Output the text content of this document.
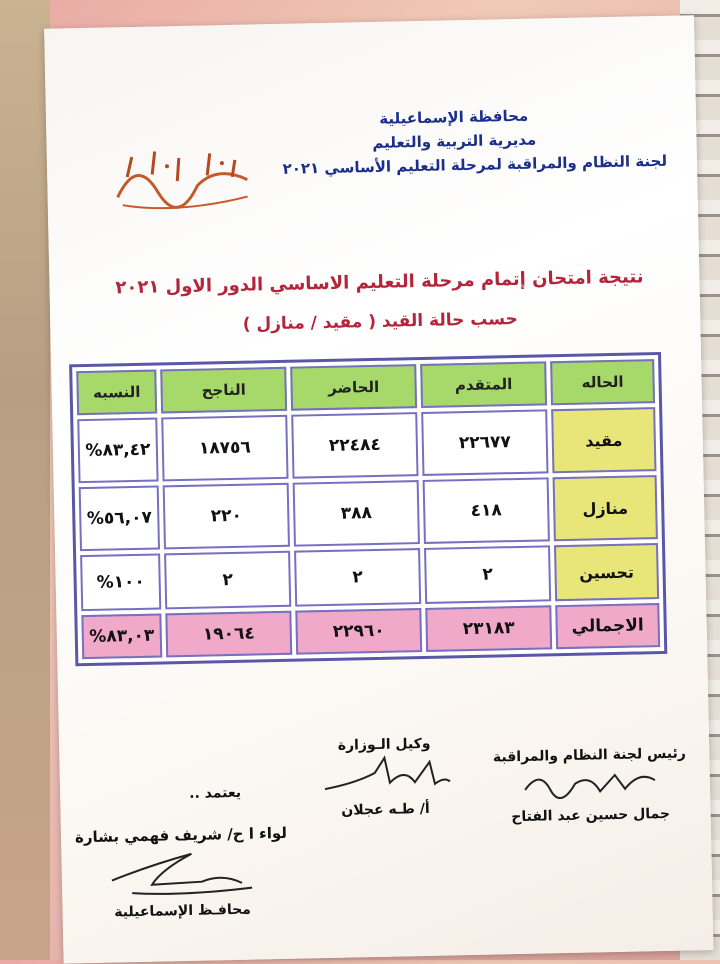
محافظة الإسماعيلية
مديرية التربية والتعليم
لجنة النظام والمراقبة لمرحلة التعليم الأساسي ٢٠٢١
نتيجة امتحان إتمام مرحلة التعليم الاساسي الدور الاول ٢٠٢١
حسب حالة القيد ( مقيد / منازل )
الحاله
المتقدم
الحاضر
الناجح
النسبه
مقيد
٢٢٦٧٧
٢٢٤٨٤
١٨٧٥٦
٨٣,٤٢%
منازل
٤١٨
٣٨٨
٢٢٠
٥٦,٠٧%
تحسين
٢
٢
٢
١٠٠%
الاجمالي
٢٣١٨٣
٢٢٩٦٠
١٩٠٦٤
٨٣,٠٣%
رئيس لجنة النظام والمراقبة
جمال حسين عبد الفتاح
وكيل الـوزارة
أ/ طـه عجلان
يعتمد ..
لواء ا ح/ شريف فهمي بشارة
محافـظ الإسماعيلية
